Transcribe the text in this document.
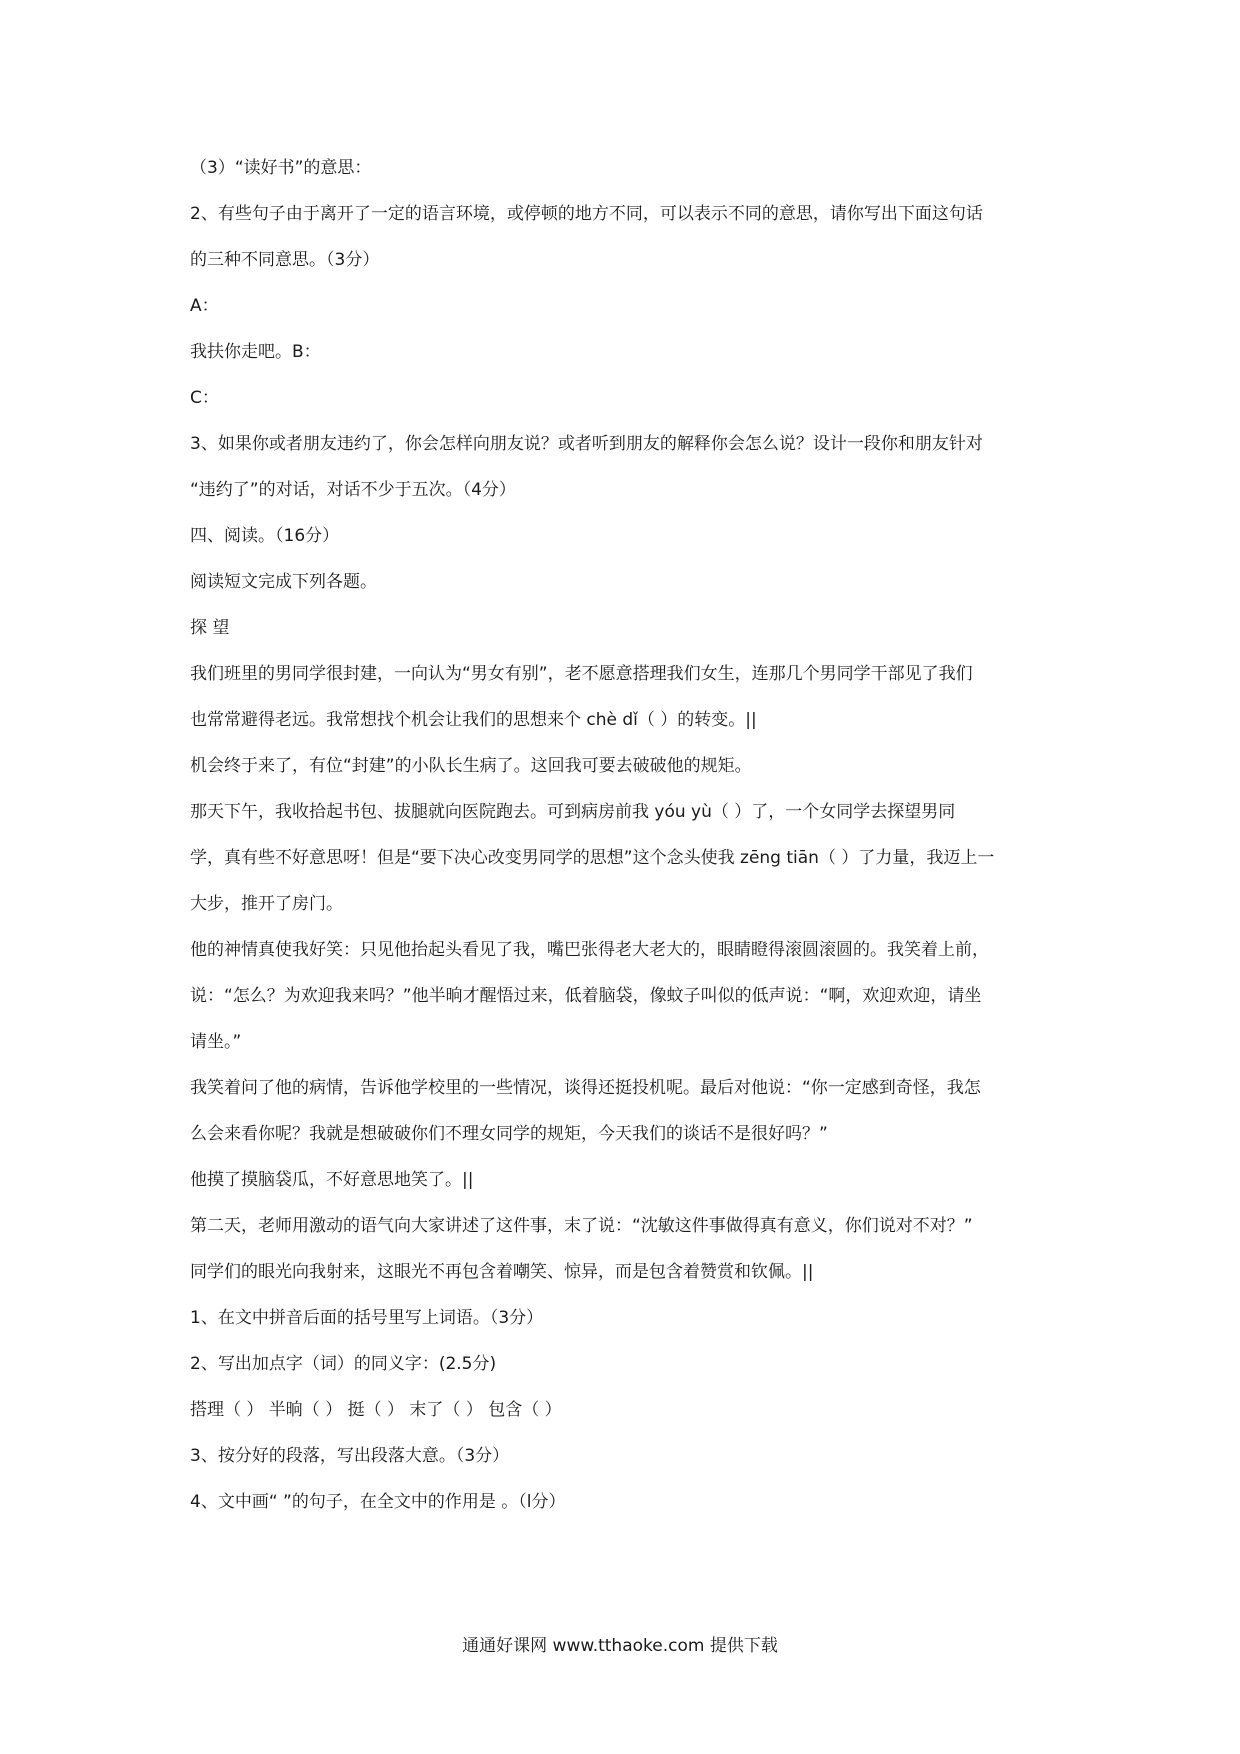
（3）“读好书”的意思：

2、有些句子由于离开了一定的语言环境，或停顿的地方不同，可以表示不同的意思，请你写出下面这句话

的三种不同意思。（3分）

A：

我扶你走吧。B：

C：

3、如果你或者朋友违约了，你会怎样向朋友说？或者听到朋友的解释你会怎么说？设计一段你和朋友针对

“违约了”的对话，对话不少于五次。（4分）

四、阅读。（16分）

阅读短文完成下列各题。

探 望

我们班里的男同学很封建，一向认为“男女有别”，老不愿意搭理我们女生，连那几个男同学干部见了我们

也常常避得老远。我常想找个机会让我们的思想来个 chè dǐ（ ）的转变。||

机会终于来了，有位“封建”的小队长生病了。这回我可要去破破他的规矩。

那天下午，我收拾起书包、拔腿就向医院跑去。可到病房前我 yóu yù（ ）了，一个女同学去探望男同

学，真有些不好意思呀！但是“要下决心改变男同学的思想”这个念头使我 zēng tiān（ ）了力量，我迈上一

大步，推开了房门。

他的神情真使我好笑：只见他抬起头看见了我，嘴巴张得老大老大的，眼睛瞪得滚圆滚圆的。我笑着上前，

说：“怎么？为欢迎我来吗？”他半晌才醒悟过来，低着脑袋，像蚊子叫似的低声说：“啊，欢迎欢迎，请坐

请坐。”

我笑着问了他的病情，告诉他学校里的一些情况，谈得还挺投机呢。最后对他说：“你一定感到奇怪，我怎

么会来看你呢？我就是想破破你们不理女同学的规矩，今天我们的谈话不是很好吗？”

他摸了摸脑袋瓜，不好意思地笑了。||

第二天，老师用激动的语气向大家讲述了这件事，末了说：“沈敏这件事做得真有意义，你们说对不对？”

同学们的眼光向我射来，这眼光不再包含着嘲笑、惊异，而是包含着赞赏和钦佩。||

1、在文中拼音后面的括号里写上词语。（3分）

2、写出加点字（词）的同义字：(2.5分)

搭理（ ） 半晌（ ） 挺（ ） 末了（ ） 包含（ ）

3、按分好的段落，写出段落大意。（3分）

4、文中画“ ”的句子，在全文中的作用是 。（l分）

通通好课网 www.tthaoke.com 提供下载
